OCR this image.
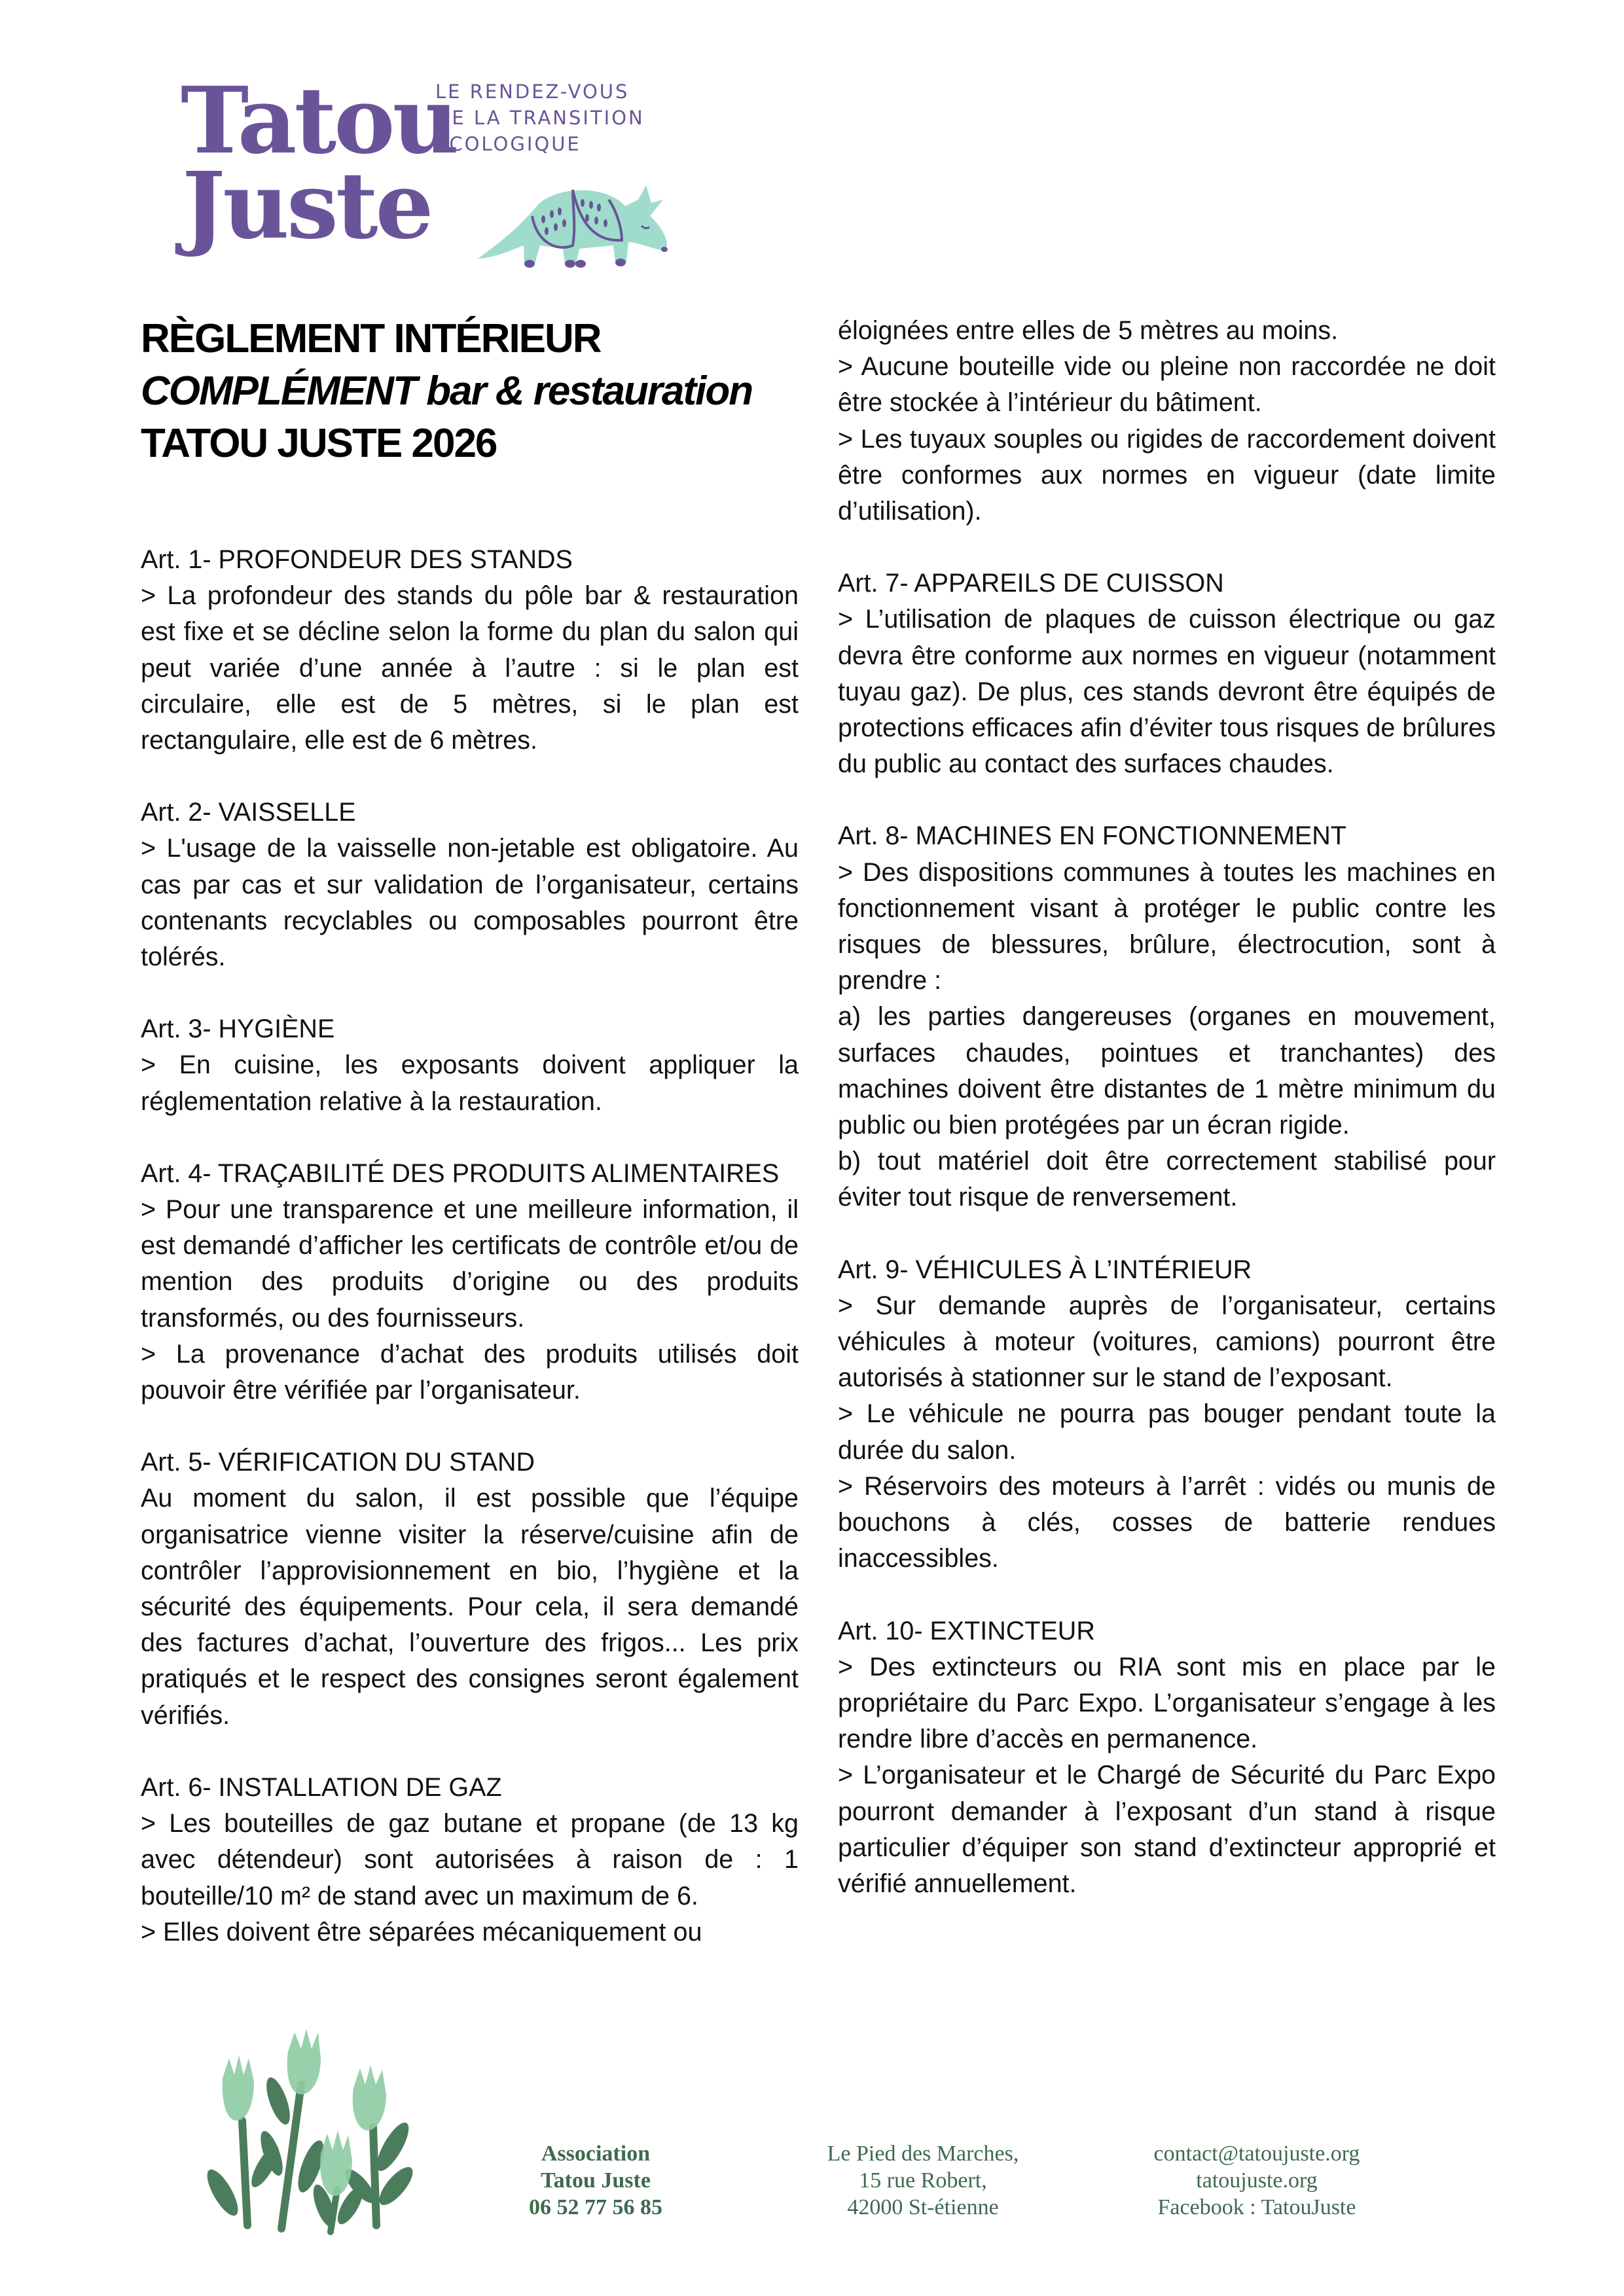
Tatou
Juste
LE RENDEZ-VOUS
DE LA TRANSITION
ÉCOLOGIQUE
RÈGLEMENT INTÉRIEUR
COMPLÉMENT bar & restauration
TATOU JUSTE 2026
Art. 1- PROFONDEUR DES STANDS

> La profondeur des stands du pôle bar & restauration est fixe et se décline selon la forme du plan du salon qui peut variée d’une année à l’autre : si le plan est circulaire, elle est de 5 mètres, si le plan est rectangulaire, elle est de 6 mètres.

Art. 2- VAISSELLE

> L'usage de la vaisselle non-jetable est obligatoire. Au cas par cas et sur validation de l’organisateur, certains contenants recyclables ou composables pourront être tolérés.

Art. 3- HYGIÈNE

> En cuisine, les exposants doivent appliquer la réglementation relative à la restauration.

Art. 4- TRAÇABILITÉ DES PRODUITS ALIMENTAIRES

> Pour une transparence et une meilleure information, il est demandé d’afficher les certificats de contrôle et/ou de mention des produits d’origine ou des produits transformés, ou des fournisseurs.

> La provenance d’achat des produits utilisés doit pouvoir être vérifiée par l’organisateur.

Art. 5- VÉRIFICATION DU STAND

Au moment du salon, il est possible que l’équipe organisatrice vienne visiter la réserve/cuisine afin de contrôler l’approvisionnement en bio, l’hygiène et la sécurité des équipements. Pour cela, il sera demandé des factures d’achat, l’ouverture des frigos... Les prix pratiqués et le respect des consignes seront également vérifiés.

Art. 6- INSTALLATION DE GAZ

> Les bouteilles de gaz butane et propane (de 13 kg avec détendeur) sont autorisées à raison de : 1 bouteille/10 m² de stand avec un maximum de 6.

> Elles doivent être séparées mécaniquement ou

éloignées entre elles de 5 mètres au moins.

> Aucune bouteille vide ou pleine non raccordée ne doit être stockée à l’intérieur du bâtiment.

> Les tuyaux souples ou rigides de raccordement doivent être conformes aux normes en vigueur (date limite d’utilisation).

Art. 7- APPAREILS DE CUISSON

> L’utilisation de plaques de cuisson électrique ou gaz devra être conforme aux normes en vigueur (notamment tuyau gaz). De plus, ces stands devront être équipés de protections efficaces afin d’éviter tous risques de brûlures du public au contact des surfaces chaudes.

Art. 8- MACHINES EN FONCTIONNEMENT

> Des dispositions communes à toutes les machines en fonctionnement visant à protéger le public contre les risques de blessures, brûlure, électrocution, sont à prendre :

a) les parties dangereuses (organes en mouvement, surfaces chaudes, pointues et tranchantes) des machines doivent être distantes de 1 mètre minimum du public ou bien protégées par un écran rigide.

b) tout matériel doit être correctement stabilisé pour éviter tout risque de renversement.

Art. 9- VÉHICULES À L’INTÉRIEUR

> Sur demande auprès de l’organisateur, certains véhicules à moteur (voitures, camions) pourront être autorisés à stationner sur le stand de l’exposant.

> Le véhicule ne pourra pas bouger pendant toute la durée du salon.

> Réservoirs des moteurs à l’arrêt : vidés ou munis de bouchons à clés, cosses de batterie rendues inaccessibles.

Art. 10- EXTINCTEUR

> Des extincteurs ou RIA sont mis en place par le propriétaire du Parc Expo. L’organisateur s’engage à les rendre libre d’accès en permanence.

> L’organisateur et le Chargé de Sécurité du Parc Expo pourront demander à l’exposant d’un stand à risque particulier d’équiper son stand d’extincteur approprié et vérifié annuellement.

Association
Tatou Juste
06 52 77 56 85
Le Pied des Marches,
15 rue Robert,
42000 St-étienne
contact@tatoujuste.org
tatoujuste.org
Facebook : TatouJuste
